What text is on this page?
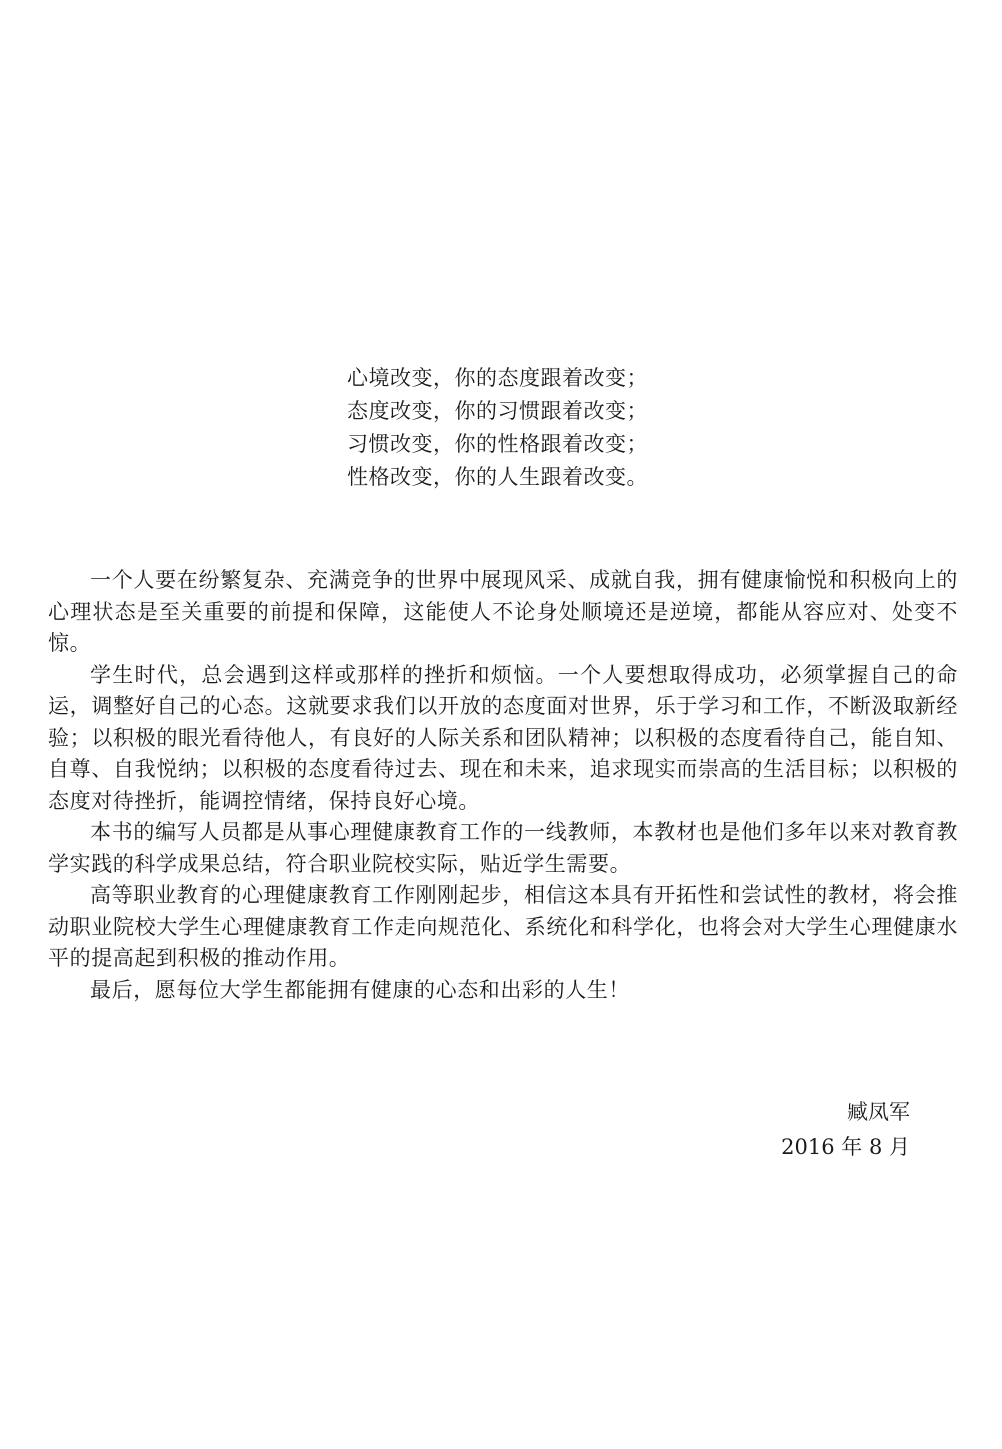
心境改变，你的态度跟着改变；
态度改变，你的习惯跟着改变；
习惯改变，你的性格跟着改变；
性格改变，你的人生跟着改变。

一个人要在纷繁复杂、充满竞争的世界中展现风采、成就自我，拥有健康愉悦和积极向上的心理状态是至关重要的前提和保障，这能使人不论身处顺境还是逆境，都能从容应对、处变不惊。

学生时代，总会遇到这样或那样的挫折和烦恼。一个人要想取得成功，必须掌握自己的命运，调整好自己的心态。这就要求我们以开放的态度面对世界，乐于学习和工作，不断汲取新经验；以积极的眼光看待他人，有良好的人际关系和团队精神；以积极的态度看待自己，能自知、自尊、自我悦纳；以积极的态度看待过去、现在和未来，追求现实而崇高的生活目标；以积极的态度对待挫折，能调控情绪，保持良好心境。

本书的编写人员都是从事心理健康教育工作的一线教师，本教材也是他们多年以来对教育教学实践的科学成果总结，符合职业院校实际，贴近学生需要。

高等职业教育的心理健康教育工作刚刚起步，相信这本具有开拓性和尝试性的教材，将会推动职业院校大学生心理健康教育工作走向规范化、系统化和科学化，也将会对大学生心理健康水平的提高起到积极的推动作用。

最后，愿每位大学生都能拥有健康的心态和出彩的人生！

臧凤军
2016 年 8 月
